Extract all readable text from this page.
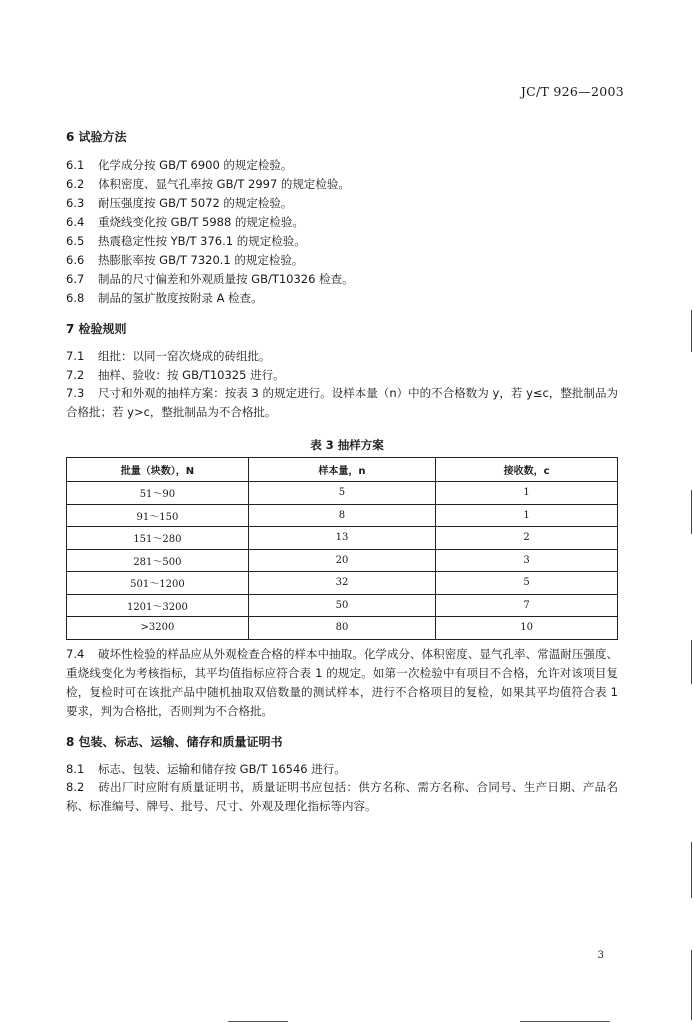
JC/T 926—2003
6 试验方法
6.1 化学成分按 GB/T 6900 的规定检验。
6.2 体积密度、显气孔率按 GB/T 2997 的规定检验。
6.3 耐压强度按 GB/T 5072 的规定检验。
6.4 重烧线变化按 GB/T 5988 的规定检验。
6.5 热震稳定性按 YB/T 376.1 的规定检验。
6.6 热膨胀率按 GB/T 7320.1 的规定检验。
6.7 制品的尺寸偏差和外观质量按 GB/T10326 检查。
6.8 制品的氢扩散度按附录 A 检查。
7 检验规则
7.1 组批：以同一窑次烧成的砖组批。
7.2 抽样、验收：按 GB/T10325 进行。
7.3 尺寸和外观的抽样方案：按表 3 的规定进行。设样本量（n）中的不合格数为 y，若 y≤c，整批制品为合格批；若 y>c，整批制品为不合格批。
表 3 抽样方案
批量（块数），N	样本量，n	接收数，c
51～90	5	1
91～150	8	1
151～280	13	2
281～500	20	3
501～1200	32	5
1201～3200	50	7
>3200	80	10
7.4 破坏性检验的样品应从外观检查合格的样本中抽取。化学成分、体积密度、显气孔率、常温耐压强度、重烧线变化为考核指标，其平均值指标应符合表 1 的规定。如第一次检验中有项目不合格，允许对该项目复检，复检时可在该批产品中随机抽取双倍数量的测试样本，进行不合格项目的复检，如果其平均值符合表 1 要求，判为合格批，否则判为不合格批。
8 包装、标志、运输、储存和质量证明书
8.1 标志、包装、运输和储存按 GB/T 16546 进行。
8.2 砖出厂时应附有质量证明书，质量证明书应包括：供方名称、需方名称、合同号、生产日期、产品名称、标准编号、牌号、批号、尺寸、外观及理化指标等内容。
3
